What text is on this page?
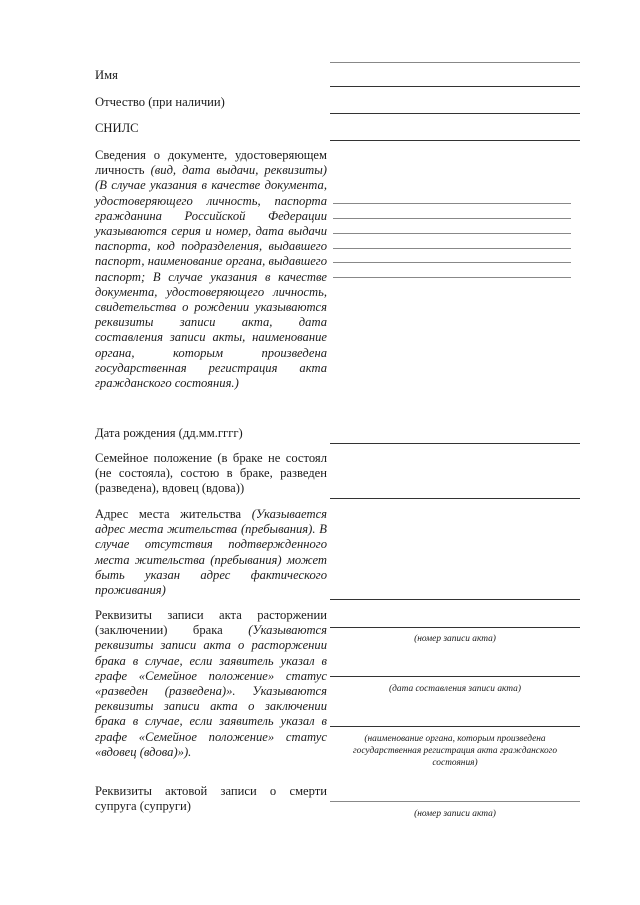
Имя
Отчество (при наличии)
СНИЛС
Сведения о документе, удостоверяющем личность (вид, дата выдачи, реквизиты) (В случае указания в качестве документа, удостоверяющего личность, паспорта гражданина Российской Федерации указываются серия и номер, дата выдачи паспорта, код подразделения, выдавшего паспорт, наименование органа, выдавшего паспорт; В случае указания в качестве документа, удостоверяющего личность, свидетельства о рождении указываются реквизиты записи акта, дата составления записи акты, наименование органа, которым произведена государственная регистрация акта гражданского состояния.)
Дата рождения (дд.мм.гггг)
Семейное положение (в браке не состоял (не состояла), состою в браке, разведен (разведена), вдовец (вдова))
Адрес места жительства (Указывается адрес места жительства (пребывания). В случае отсутствия подтвержденного места жительства (пребывания) может быть указан адрес фактического проживания)
Реквизиты записи акта расторжении (заключении) брака (Указываются реквизиты записи акта о расторжении брака в случае, если заявитель указал в графе «Семейное положение» статус «разведен (разведена)». Указываются реквизиты записи акта о заключении брака в случае, если заявитель указал в графе «Семейное положение» статус «вдовец (вдова)»).
(номер записи акта)
(дата составления записи акта)
(наименование органа, которым произведена государственная регистрация акта гражданского состояния)
Реквизиты актовой записи о смерти супруга (супруги)
(номер записи акта)
